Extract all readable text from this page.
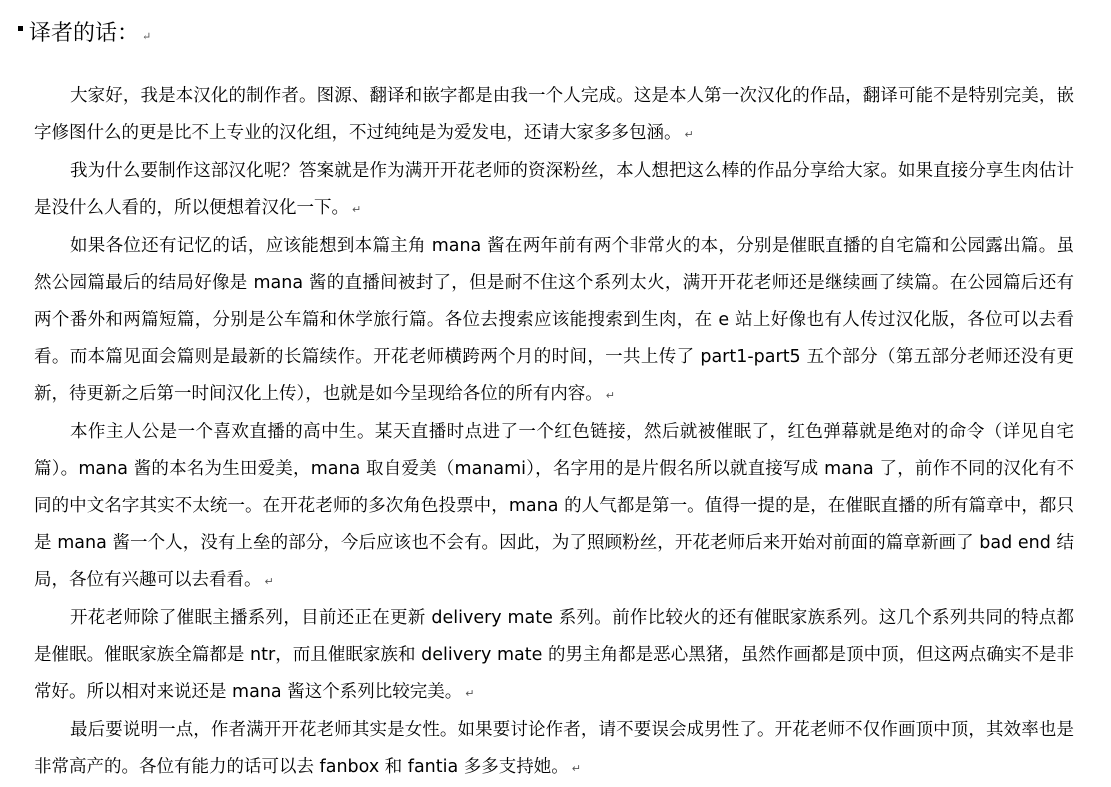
译者的话： ↵

大家好，我是本汉化的制作者。图源、翻译和嵌字都是由我一个人完成。这是本人第一次汉化的作品，翻译可能不是特别完美，嵌字修图什么的更是比不上专业的汉化组，不过纯纯是为爱发电，还请大家多多包涵。 ↵

我为什么要制作这部汉化呢？答案就是作为满开开花老师的资深粉丝，本人想把这么棒的作品分享给大家。如果直接分享生肉估计是没什么人看的，所以便想着汉化一下。 ↵

如果各位还有记忆的话，应该能想到本篇主角 mana 酱在两年前有两个非常火的本，分别是催眠直播的自宅篇和公园露出篇。虽然公园篇最后的结局好像是 mana 酱的直播间被封了，但是耐不住这个系列太火，满开开花老师还是继续画了续篇。在公园篇后还有两个番外和两篇短篇，分别是公车篇和休学旅行篇。各位去搜索应该能搜索到生肉，在 e 站上好像也有人传过汉化版，各位可以去看看。而本篇见面会篇则是最新的长篇续作。开花老师横跨两个月的时间，一共上传了 part1-part5 五个部分（第五部分老师还没有更新，待更新之后第一时间汉化上传），也就是如今呈现给各位的所有内容。 ↵

本作主人公是一个喜欢直播的高中生。某天直播时点进了一个红色链接，然后就被催眠了，红色弹幕就是绝对的命令（详见自宅篇）。mana 酱的本名为生田爱美，mana 取自爱美（manami），名字用的是片假名所以就直接写成 mana 了，前作不同的汉化有不同的中文名字其实不太统一。在开花老师的多次角色投票中，mana 的人气都是第一。值得一提的是，在催眠直播的所有篇章中，都只是 mana 酱一个人，没有上垒的部分，今后应该也不会有。因此，为了照顾粉丝，开花老师后来开始对前面的篇章新画了 bad end 结局，各位有兴趣可以去看看。 ↵

开花老师除了催眠主播系列，目前还正在更新 delivery mate 系列。前作比较火的还有催眠家族系列。这几个系列共同的特点都是催眠。催眠家族全篇都是 ntr，而且催眠家族和 delivery mate 的男主角都是恶心黑猪，虽然作画都是顶中顶，但这两点确实不是非常好。所以相对来说还是 mana 酱这个系列比较完美。 ↵

最后要说明一点，作者满开开花老师其实是女性。如果要讨论作者，请不要误会成男性了。开花老师不仅作画顶中顶，其效率也是非常高产的。各位有能力的话可以去 fanbox 和 fantia 多多支持她。 ↵
